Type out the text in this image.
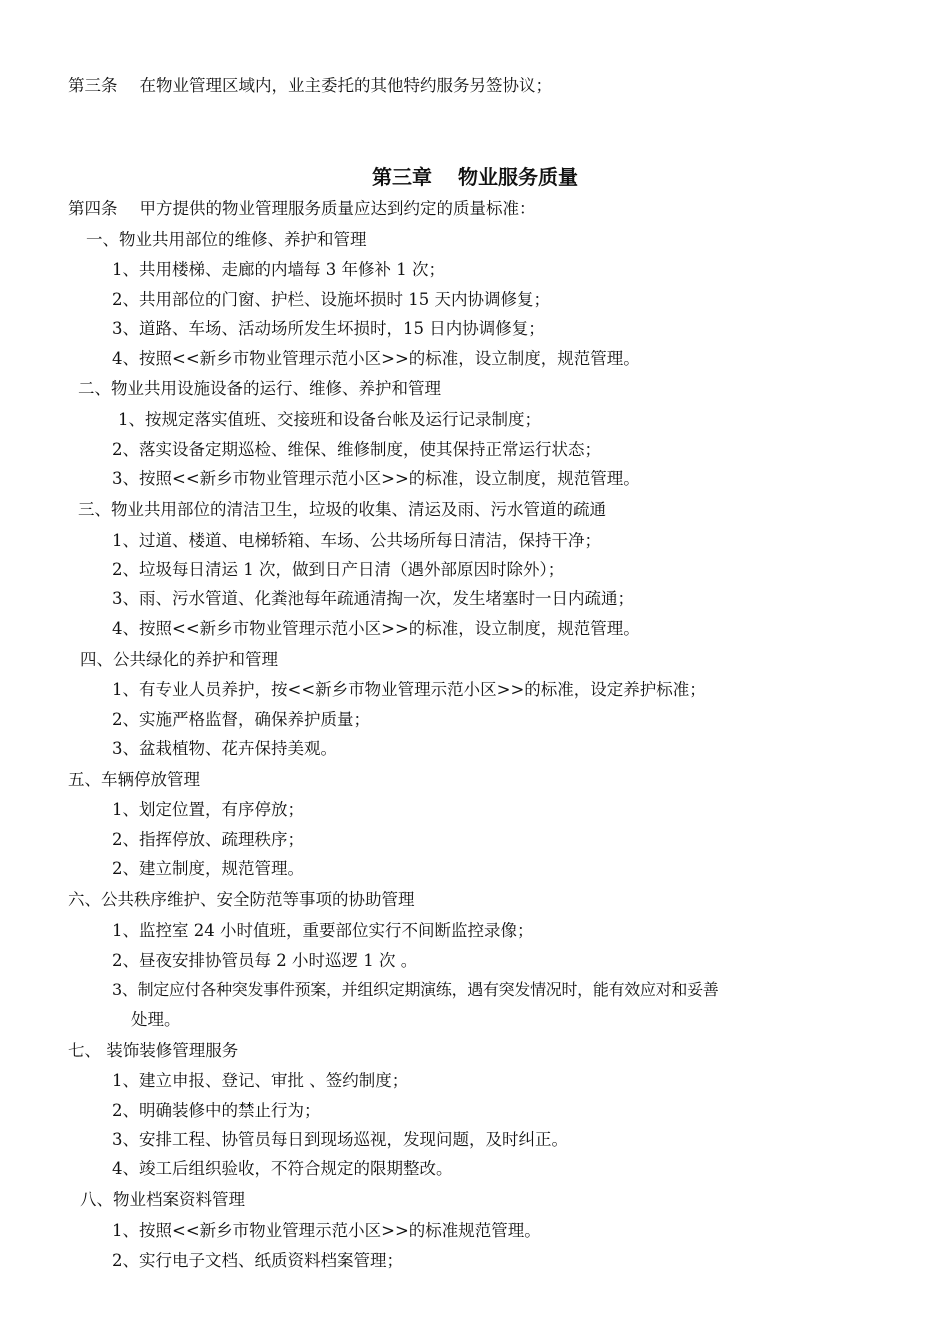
第三条 在物业管理区域内，业主委托的其他特约服务另签协议；
第三章 物业服务质量
第四条 甲方提供的物业管理服务质量应达到约定的质量标准：
一、物业共用部位的维修、养护和管理
1、共用楼梯、走廊的内墙每 3 年修补 1 次；
2、共用部位的门窗、护栏、设施坏损时 15 天内协调修复；
3、道路、车场、活动场所发生坏损时，15 日内协调修复；
4、按照<<新乡市物业管理示范小区>>的标准，设立制度，规范管理。
二、物业共用设施设备的运行、维修、养护和管理
1、按规定落实值班、交接班和设备台帐及运行记录制度；
2、落实设备定期巡检、维保、维修制度，使其保持正常运行状态；
3、按照<<新乡市物业管理示范小区>>的标准，设立制度，规范管理。
三、物业共用部位的清洁卫生，垃圾的收集、清运及雨、污水管道的疏通
1、过道、楼道、电梯轿箱、车场、公共场所每日清洁，保持干净；
2、垃圾每日清运 1 次，做到日产日清（遇外部原因时除外）；
3、雨、污水管道、化粪池每年疏通清掏一次，发生堵塞时一日内疏通；
4、按照<<新乡市物业管理示范小区>>的标准，设立制度，规范管理。
四、公共绿化的养护和管理
1、有专业人员养护，按<<新乡市物业管理示范小区>>的标准，设定养护标准；
2、实施严格监督，确保养护质量；
3、盆栽植物、花卉保持美观。
五、车辆停放管理
1、划定位置，有序停放；
2、指挥停放、疏理秩序；
2、建立制度，规范管理。
六、公共秩序维护、安全防范等事项的协助管理
1、监控室 24 小时值班，重要部位实行不间断监控录像；
2、昼夜安排协管员每 2 小时巡逻 1 次 。
3、制定应付各种突发事件预案，并组织定期演练，遇有突发情况时，能有效应对和妥善
处理。
七、 装饰装修管理服务
1、建立申报、登记、审批 、签约制度；
2、明确装修中的禁止行为；
3、安排工程、协管员每日到现场巡视，发现问题，及时纠正。
4、竣工后组织验收，不符合规定的限期整改。
八、物业档案资料管理
1、按照<<新乡市物业管理示范小区>>的标准规范管理。
2、实行电子文档、纸质资料档案管理；
